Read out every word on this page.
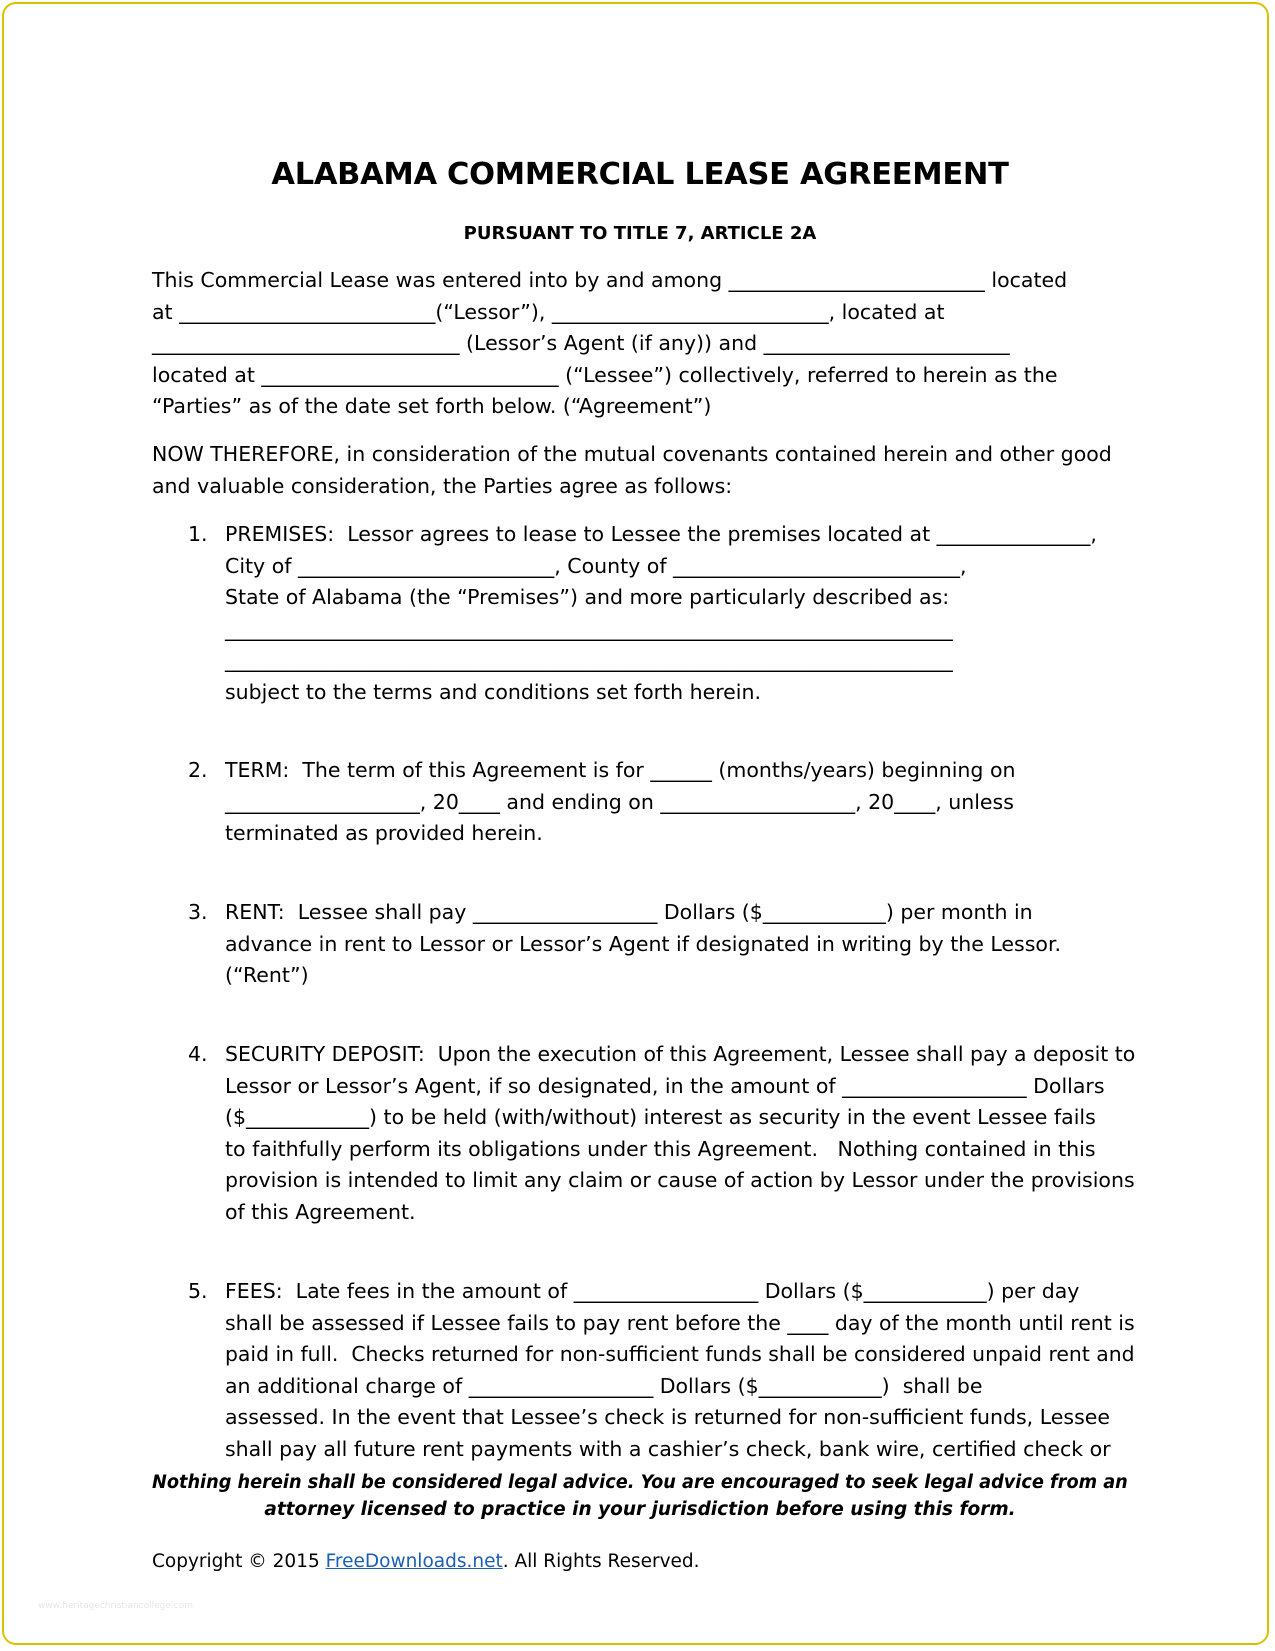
ALABAMA COMMERCIAL LEASE AGREEMENT
PURSUANT TO TITLE 7, ARTICLE 2A
This Commercial Lease was entered into by and among _________________________ located
at _________________________(“Lessor”), ___________________________, located at
______________________________ (Lessor’s Agent (if any)) and ________________________
located at _____________________________ (“Lessee”) collectively, referred to herein as the
“Parties” as of the date set forth below. (“Agreement”)
NOW THEREFORE, in consideration of the mutual covenants contained herein and other good
and valuable consideration, the Parties agree as follows:
1. PREMISES:  Lessor agrees to lease to Lessee the premises located at _______________,
City of _________________________, County of ____________________________,
State of Alabama (the “Premises”) and more particularly described as:
_______________________________________________________________________
_______________________________________________________________________
subject to the terms and conditions set forth herein.
2. TERM:  The term of this Agreement is for ______ (months/years) beginning on
___________________, 20____ and ending on ___________________, 20____, unless
terminated as provided herein.
3. RENT:  Lessee shall pay __________________ Dollars ($____________) per month in
advance in rent to Lessor or Lessor’s Agent if designated in writing by the Lessor.
(“Rent”)
4. SECURITY DEPOSIT:  Upon the execution of this Agreement, Lessee shall pay a deposit to
Lessor or Lessor’s Agent, if so designated, in the amount of __________________ Dollars
($____________) to be held (with/without) interest as security in the event Lessee fails
to faithfully perform its obligations under this Agreement.   Nothing contained in this
provision is intended to limit any claim or cause of action by Lessor under the provisions
of this Agreement.
5. FEES:  Late fees in the amount of __________________ Dollars ($____________) per day
shall be assessed if Lessee fails to pay rent before the ____ day of the month until rent is
paid in full.  Checks returned for non-sufficient funds shall be considered unpaid rent and
an additional charge of __________________ Dollars ($____________)  shall be
assessed. In the event that Lessee’s check is returned for non-sufficient funds, Lessee
shall pay all future rent payments with a cashier’s check, bank wire, certified check or
Nothing herein shall be considered legal advice. You are encouraged to seek legal advice from an
attorney licensed to practice in your jurisdiction before using this form.
Copyright © 2015 FreeDownloads.net. All Rights Reserved.
www.heritagechristiancollege.com
